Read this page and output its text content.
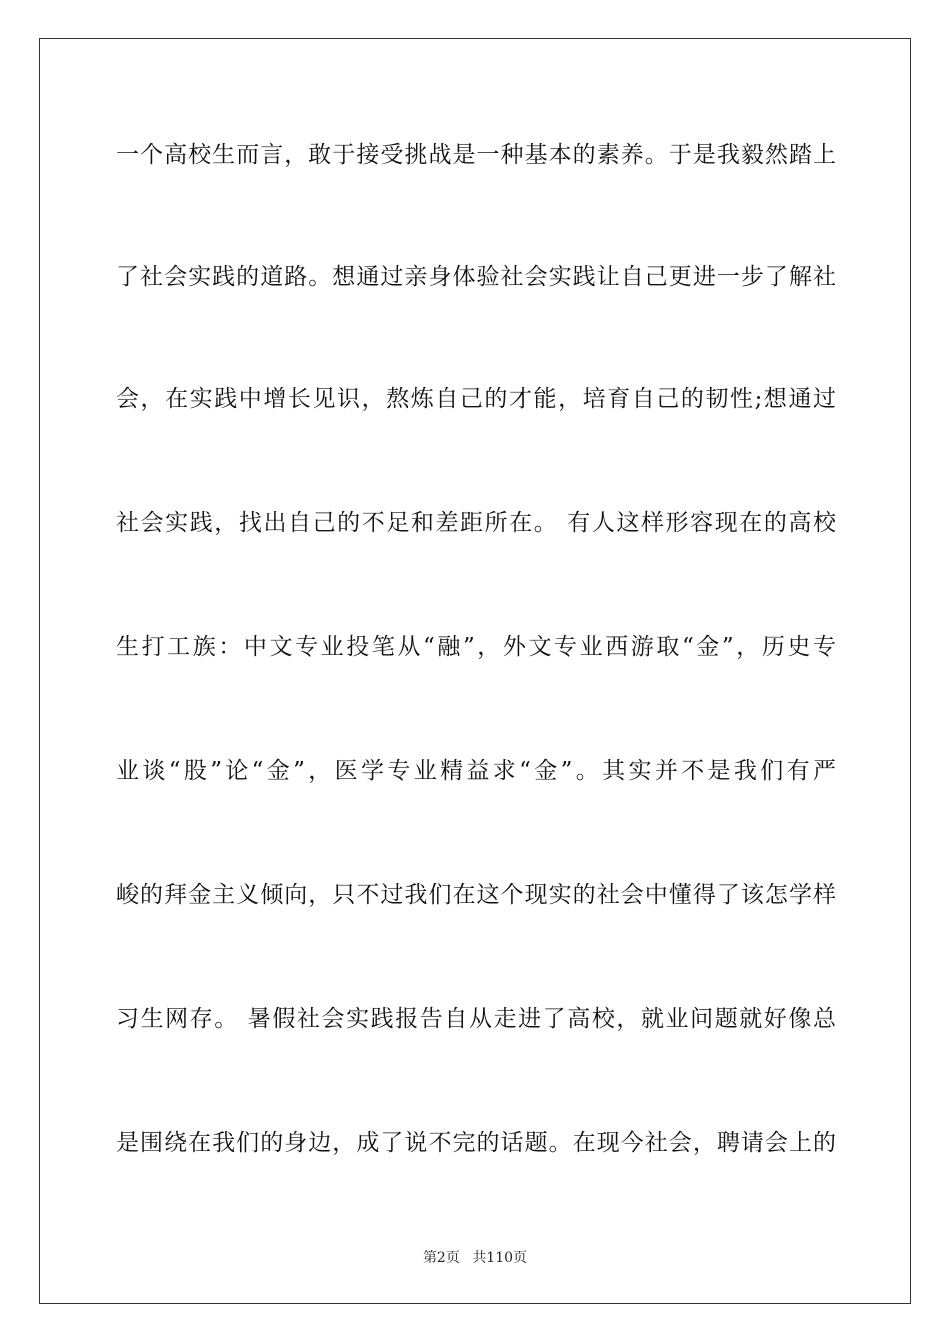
一个高校生而言，敢于接受挑战是一种基本的素养。于是我毅然踏上
了社会实践的道路。想通过亲身体验社会实践让自己更进一步了解社
会，在实践中增长见识，熬炼自己的才能，培育自己的韧性;想通过
社会实践，找出自己的不足和差距所在。 有人这样形容现在的高校
生打工族：中文专业投笔从“融”，外文专业西游取“金”，历史专
业谈“股”论“金”，医学专业精益求“金”。其实并不是我们有严
峻的拜金主义倾向，只不过我们在这个现实的社会中懂得了该怎学样
习生网存。 暑假社会实践报告自从走进了高校，就业问题就好像总
是围绕在我们的身边，成了说不完的话题。在现今社会，聘请会上的
第2页 共110页
